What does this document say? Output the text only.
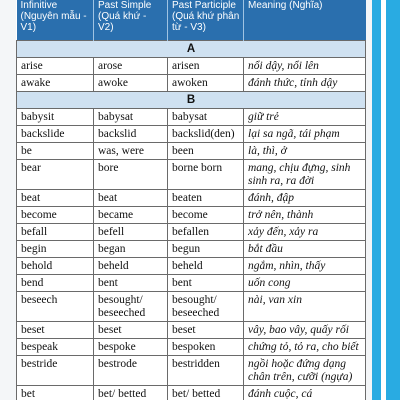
Infinitive (Nguyên mẫu - V1)	Past Simple (Quá khứ - V2)	Past Participle (Quá khứ phân từ - V3)	Meaning (Nghĩa)
A			
arise	arose	arisen	nổi dậy, nổi lên
awake	awoke	awoken	đánh thức, tỉnh dậy
B			
babysit	babysat	babysat	giữ trẻ
backslide	backslid	backslid(den)	lại sa ngã, tái phạm
be	was, were	been	là, thì, ở
bear	bore	borne born	mang, chịu đựng, sinh sinh ra, ra đời
beat	beat	beaten	đánh, đập
become	became	become	trở nên, thành
befall	befell	befallen	xảy đến, xảy ra
begin	began	begun	bắt đầu
behold	beheld	beheld	ngắm, nhìn, thấy
bend	bent	bent	uốn cong
beseech	besought/ beseeched	besought/ beseeched	nài, van xin
beset	beset	beset	vây, bao vây, quấy rối
bespeak	bespoke	bespoken	chứng tỏ, tỏ ra, cho biết
bestride	bestrode	bestridden	ngồi hoặc đứng dạng chân trên, cưỡi (ngựa)
bet	bet/ betted	bet/ betted	đánh cuộc, cá
